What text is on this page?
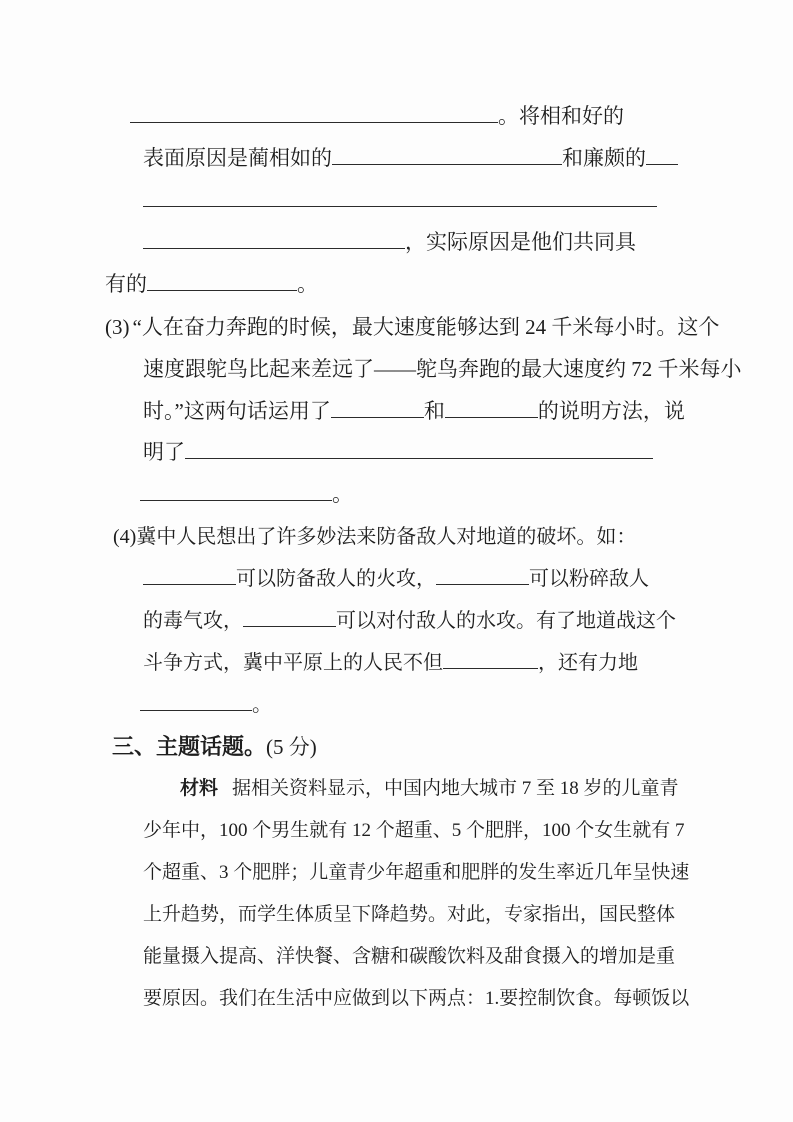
。将相和好的
表面原因是蔺相如的	和廉颇的
，实际原因是他们共同具
有的	。
(3) “人在奋力奔跑的时候，最大速度能够达到 24 千米每小时。这个
速度跟鸵鸟比起来差远了——鸵鸟奔跑的最大速度约 72 千米每小
时。”这两句话运用了	和	的说明方法，说
明了
。
(4)冀中人民想出了许多妙法来防备敌人对地道的破坏。如：
可以防备敌人的火攻，	可以粉碎敌人
的毒气攻，	可以对付敌人的水攻。有了地道战这个
斗争方式，冀中平原上的人民不但	，还有力地
。
三、主题话题。(5 分)
材料 据相关资料显示，中国内地大城市 7 至 18 岁的儿童青
少年中，100 个男生就有 12 个超重、5 个肥胖，100 个女生就有 7
个超重、3 个肥胖；儿童青少年超重和肥胖的发生率近几年呈快速
上升趋势，而学生体质呈下降趋势。对此，专家指出，国民整体
能量摄入提高、洋快餐、含糖和碳酸饮料及甜食摄入的增加是重
要原因。我们在生活中应做到以下两点：1.要控制饮食。每顿饭以
